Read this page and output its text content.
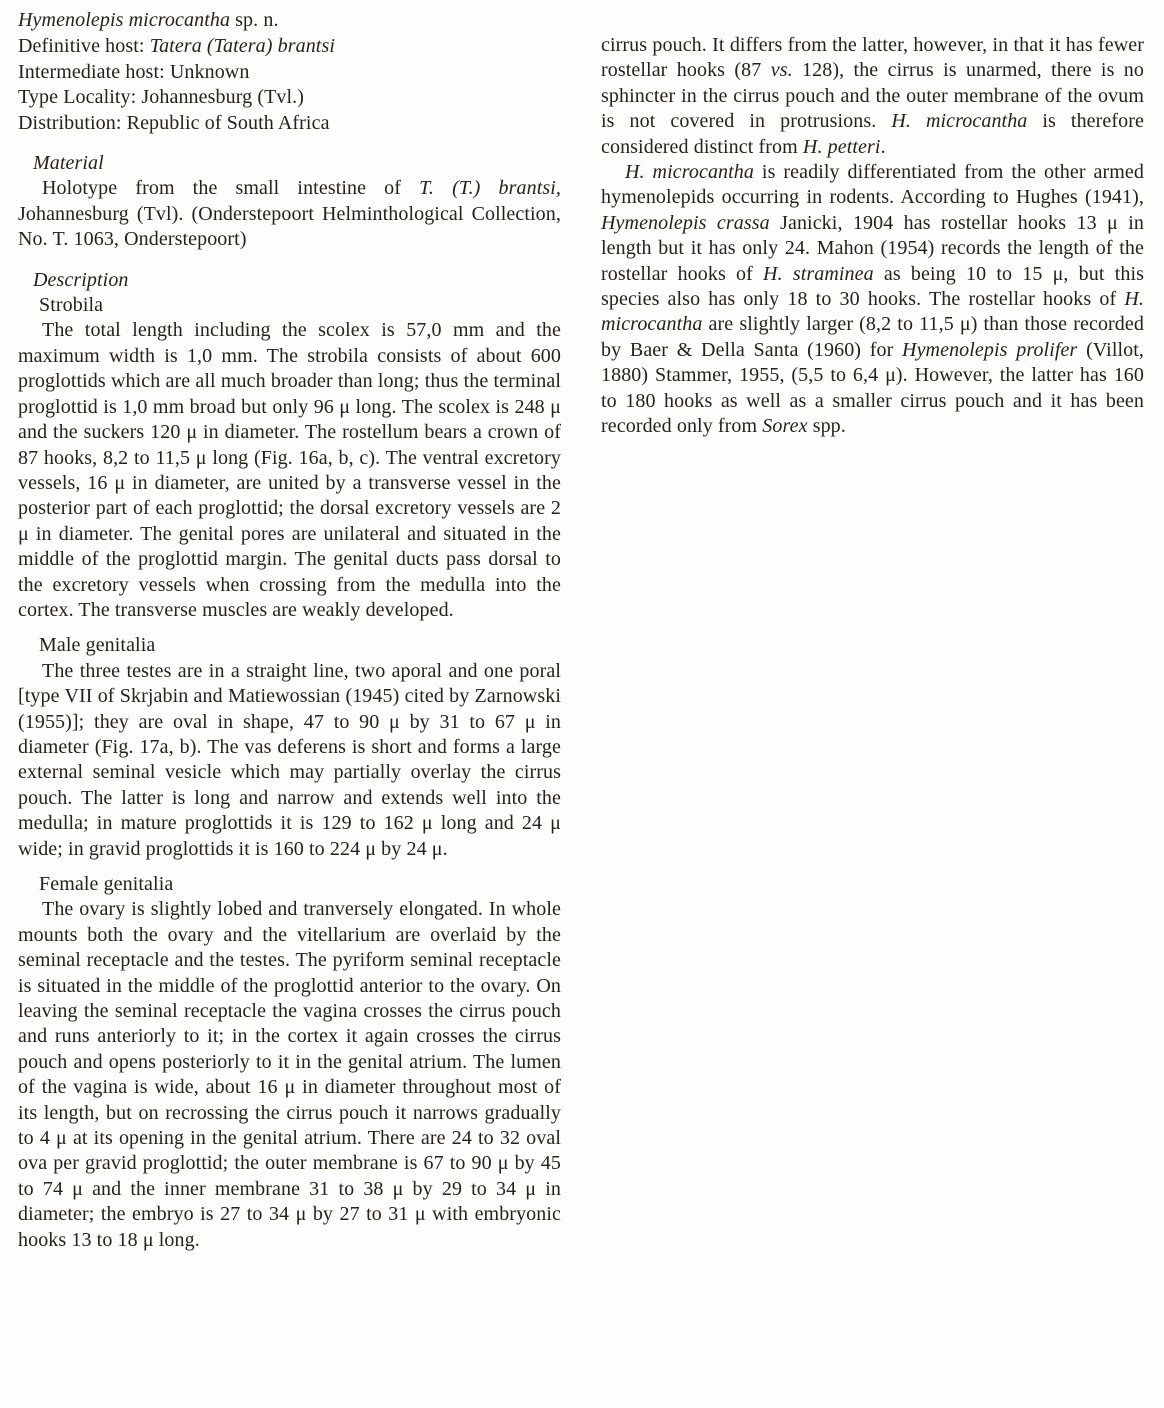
Hymenolepis microcantha sp. n.
Definitive host: Tatera (Tatera) brantsi
Intermediate host: Unknown
Type Locality: Johannesburg (Tvl.)
Distribution: Republic of South Africa
Material
Holotype from the small intestine of T. (T.) brantsi, Johannesburg (Tvl). (Onderstepoort Helminthological Collection, No. T. 1063, Onderstepoort)
Description
Strobila
The total length including the scolex is 57,0 mm and the maximum width is 1,0 mm. The strobila consists of about 600 proglottids which are all much broader than long; thus the terminal proglottid is 1,0 mm broad but only 96 μ long. The scolex is 248 μ and the suckers 120 μ in diameter. The rostellum bears a crown of 87 hooks, 8,2 to 11,5 μ long (Fig. 16a, b, c). The ventral excretory vessels, 16 μ in diameter, are united by a transverse vessel in the posterior part of each proglottid; the dorsal excretory vessels are 2 μ in diameter. The genital pores are unilateral and situated in the middle of the proglottid margin. The genital ducts pass dorsal to the excretory vessels when crossing from the medulla into the cortex. The transverse muscles are weakly developed.
Male genitalia
The three testes are in a straight line, two aporal and one poral [type VII of Skrjabin and Matiewossian (1945) cited by Zarnowski (1955)]; they are oval in shape, 47 to 90 μ by 31 to 67 μ in diameter (Fig. 17a, b). The vas deferens is short and forms a large external seminal vesicle which may partially overlay the cirrus pouch. The latter is long and narrow and extends well into the medulla; in mature proglottids it is 129 to 162 μ long and 24 μ wide; in gravid proglottids it is 160 to 224 μ by 24 μ.
Female genitalia
The ovary is slightly lobed and tranversely elongated. In whole mounts both the ovary and the vitellarium are overlaid by the seminal receptacle and the testes. The pyriform seminal receptacle is situated in the middle of the proglottid anterior to the ovary. On leaving the seminal receptacle the vagina crosses the cirrus pouch and runs anteriorly to it; in the cortex it again crosses the cirrus pouch and opens posteriorly to it in the genital atrium. The lumen of the vagina is wide, about 16 μ in diameter throughout most of its length, but on recrossing the cirrus pouch it narrows gradually to 4 μ at its opening in the genital atrium. There are 24 to 32 oval ova per gravid proglottid; the outer membrane is 67 to 90 μ by 45 to 74 μ and the inner membrane 31 to 38 μ by 29 to 34 μ in diameter; the embryo is 27 to 34 μ by 27 to 31 μ with embryonic hooks 13 to 18 μ long.
cirrus pouch. It differs from the latter, however, in that it has fewer rostellar hooks (87 vs. 128), the cirrus is unarmed, there is no sphincter in the cirrus pouch and the outer membrane of the ovum is not covered in protrusions. H. microcantha is therefore considered distinct from H. petteri.
H. microcantha is readily differentiated from the other armed hymenolepids occurring in rodents. According to Hughes (1941), Hymenolepis crassa Janicki, 1904 has rostellar hooks 13 μ in length but it has only 24. Mahon (1954) records the length of the rostellar hooks of H. straminea as being 10 to 15 μ, but this species also has only 18 to 30 hooks. The rostellar hooks of H. microcantha are slightly larger (8,2 to 11,5 μ) than those recorded by Baer & Della Santa (1960) for Hymenolepis prolifer (Villot, 1880) Stammer, 1955, (5,5 to 6,4 μ). However, the latter has 160 to 180 hooks as well as a smaller cirrus pouch and it has been recorded only from Sorex spp.
